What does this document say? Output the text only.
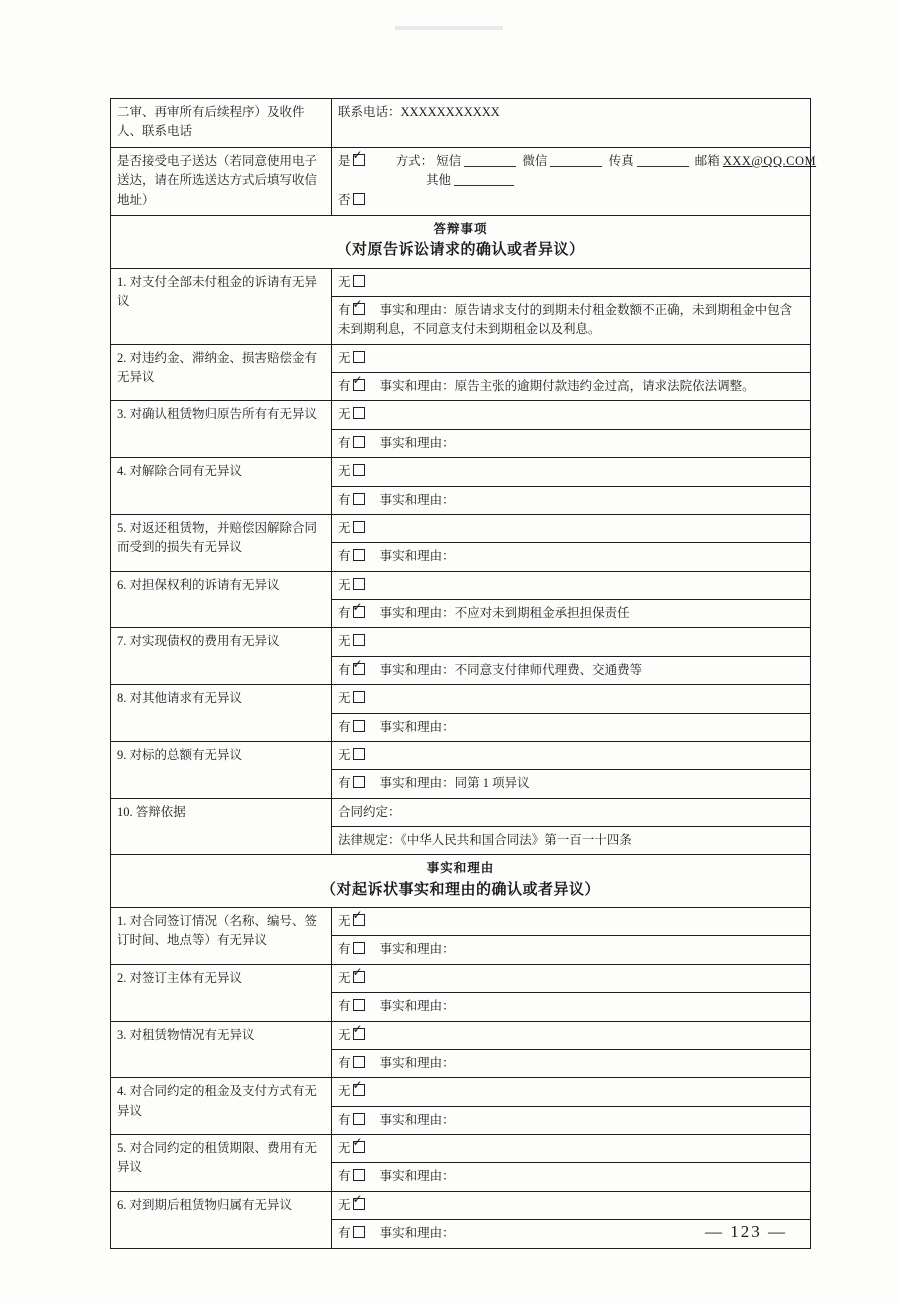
二审、再审所有后续程序）及收件人、联系电话	联系电话：XXXXXXXXXXX
是否接受电子送达（若同意使用电子送达，请在所选送达方式后填写收信地址）	是 ✓ 方式： 短信 微信 传真 邮箱 XXX@QQ.COM
其他
否

答辩事项
（对原告诉讼请求的确认或者异议）	

1. 对支付全部未付租金的诉请有无异议	无
有 ✓ 事实和理由：原告请求支付的到期未付租金数额不正确，未到期租金中包含未到期利息，不同意支付未到期租金以及利息。

2. 对违约金、滞纳金、损害赔偿金有无异议	无
有 ✓ 事实和理由：原告主张的逾期付款违约金过高，请求法院依法调整。

3. 对确认租赁物归原告所有有无异议	无
有 事实和理由：

4. 对解除合同有无异议	无
有 事实和理由：

5. 对返还租赁物，并赔偿因解除合同而受到的损失有无异议	无
有 事实和理由：

6. 对担保权利的诉请有无异议	无
有 ✓ 事实和理由：不应对未到期租金承担担保责任

7. 对实现债权的费用有无异议	无
有 ✓ 事实和理由：不同意支付律师代理费、交通费等

8. 对其他请求有无异议	无
有 事实和理由：

9. 对标的总额有无异议	无
有 事实和理由：同第 1 项异议

10. 答辩依据	合同约定：
法律规定：《中华人民共和国合同法》第一百一十四条

事实和理由
（对起诉状事实和理由的确认或者异议）	

1. 对合同签订情况（名称、编号、签订时间、地点等）有无异议	无✓
有 事实和理由：

2. 对签订主体有无异议	无✓
有 事实和理由：

3. 对租赁物情况有无异议	无✓
有 事实和理由：

4. 对合同约定的租金及支付方式有无异议	无✓
有 事实和理由：

5. 对合同约定的租赁期限、费用有无异议	无✓
有 事实和理由：

6. 对到期后租赁物归属有无异议	无✓
有 事实和理由：	— 123 —
